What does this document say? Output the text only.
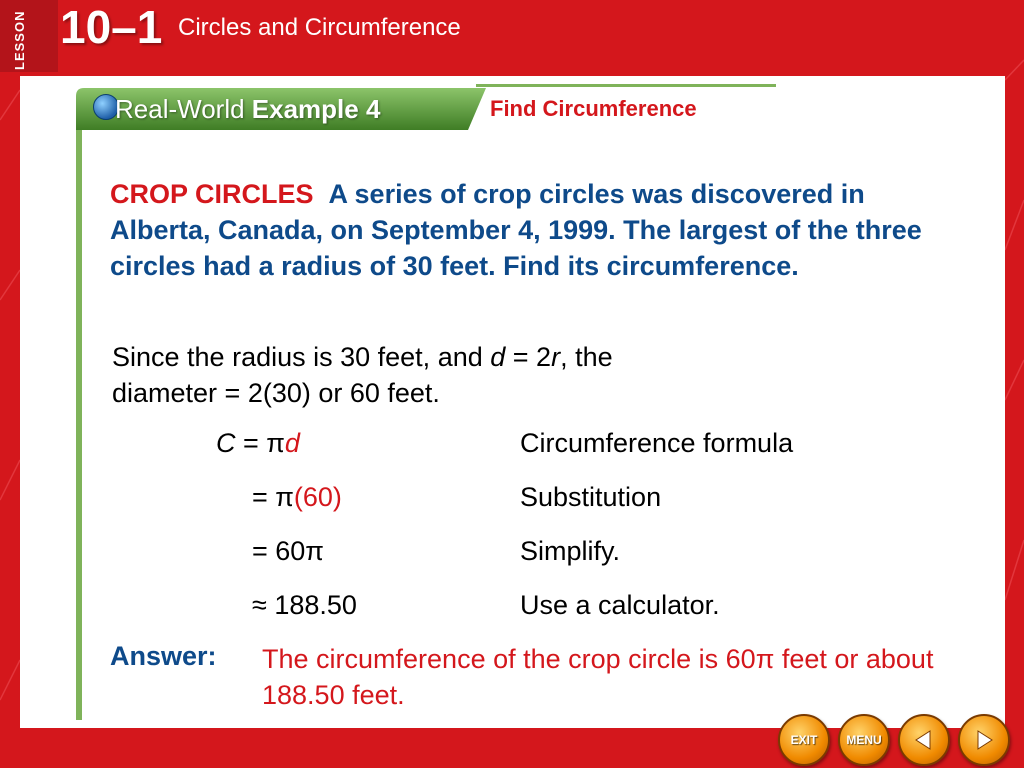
LESSON 10–1 Circles and Circumference
Real-World Example 4	Find Circumference
CROP CIRCLES A series of crop circles was discovered in Alberta, Canada, on September 4, 1999. The largest of the three circles had a radius of 30 feet. Find its circumference.
Since the radius is 30 feet, and d = 2r, the
diameter = 2(30) or 60 feet.
C = πd	Circumference formula
= π(60)	Substitution
= 60π	Simplify.
≈ 188.50	Use a calculator.
Answer: The circumference of the crop circle is 60π feet or about 188.50 feet.
EXIT MENU
